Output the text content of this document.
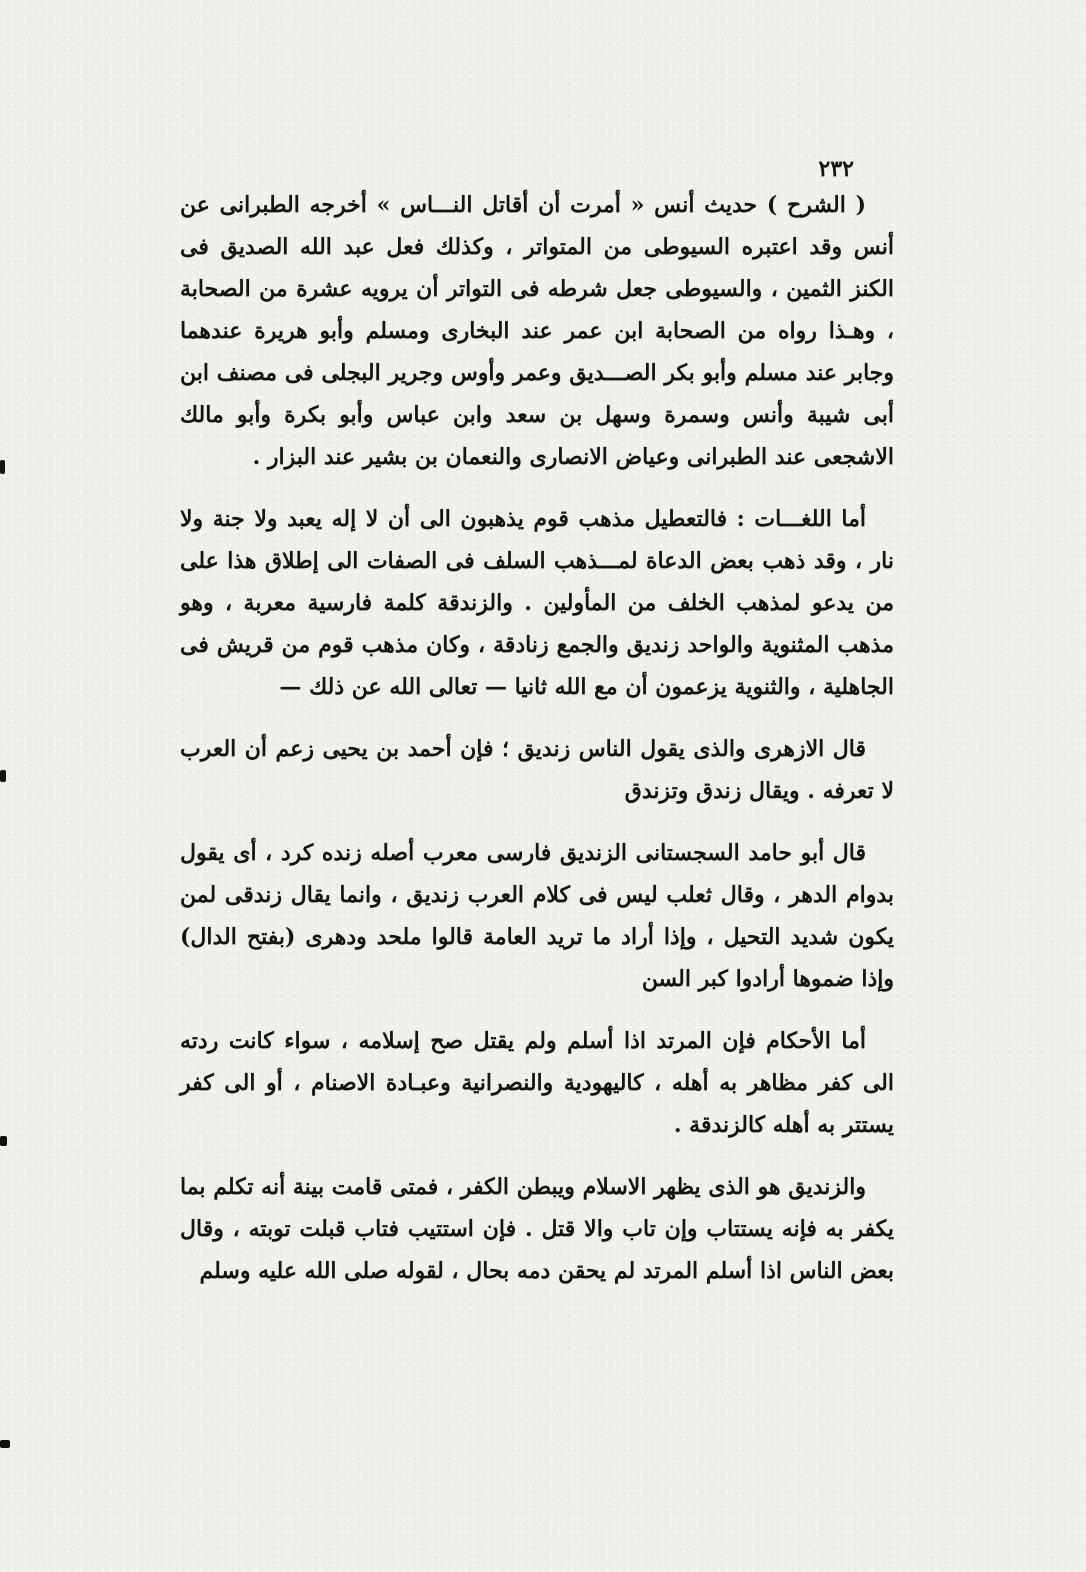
٢٣٢

( الشرح ) حديث أنس « أمرت أن أقاتل النـــاس » أخرجه الطبرانى عن أنس وقد اعتبره السيوطى من المتواتر ، وكذلك فعل عبد الله الصديق فى الكنز الثمين ، والسيوطى جعل شرطه فى التواتر أن يرويه عشرة من الصحابة ، وهـذا رواه من الصحابة ابن عمر عند البخارى ومسلم وأبو هريرة عندهما وجابر عند مسلم وأبو بكر الصـــديق وعمر وأوس وجرير البجلى فى مصنف ابن أبى شيبة وأنس وسمرة وسهل بن سعد وابن عباس وأبو بكرة وأبو مالك الاشجعى عند الطبرانى وعياض الانصارى والنعمان بن بشير عند البزار .

أما اللغـــات : فالتعطيل مذهب قوم يذهبون الى أن لا إله يعبد ولا جنة ولا نار ، وقد ذهب بعض الدعاة لمـــذهب السلف فى الصفات الى إطلاق هذا على من يدعو لمذهب الخلف من المأولين . والزندقة كلمة فارسية معربة ، وهو مذهب المثنوية والواحد زنديق والجمع زنادقة ، وكان مذهب قوم من قريش فى الجاهلية ، والثنوية يزعمون أن مع الله ثانيا — تعالى الله عن ذلك —

قال الازهرى والذى يقول الناس زنديق ؛ فإن أحمد بن يحيى زعم أن العرب لا تعرفه . ويقال زندق وتزندق

قال أبو حامد السجستانى الزنديق فارسى معرب أصله زنده كرد ، أى يقول بدوام الدهر ، وقال ثعلب ليس فى كلام العرب زنديق ، وانما يقال زندقى لمن يكون شديد التحيل ، وإذا أراد ما تريد العامة قالوا ملحد ودهرى (بفتح الدال) وإذا ضموها أرادوا كبر السن

أما الأحكام فإن المرتد اذا أسلم ولم يقتل صح إسلامه ، سواء كانت ردته الى كفر مظاهر به أهله ، كاليهودية والنصرانية وعبـادة الاصنام ، أو الى كفر يستتر به أهله كالزندقة .

والزنديق هو الذى يظهر الاسلام ويبطن الكفر ، فمتى قامت بينة أنه تكلم بما يكفر به فإنه يستتاب وإن تاب والا قتل . فإن استتيب فتاب قبلت توبته ، وقال بعض الناس اذا أسلم المرتد لم يحقن دمه بحال ، لقوله صلى الله عليه وسلم
